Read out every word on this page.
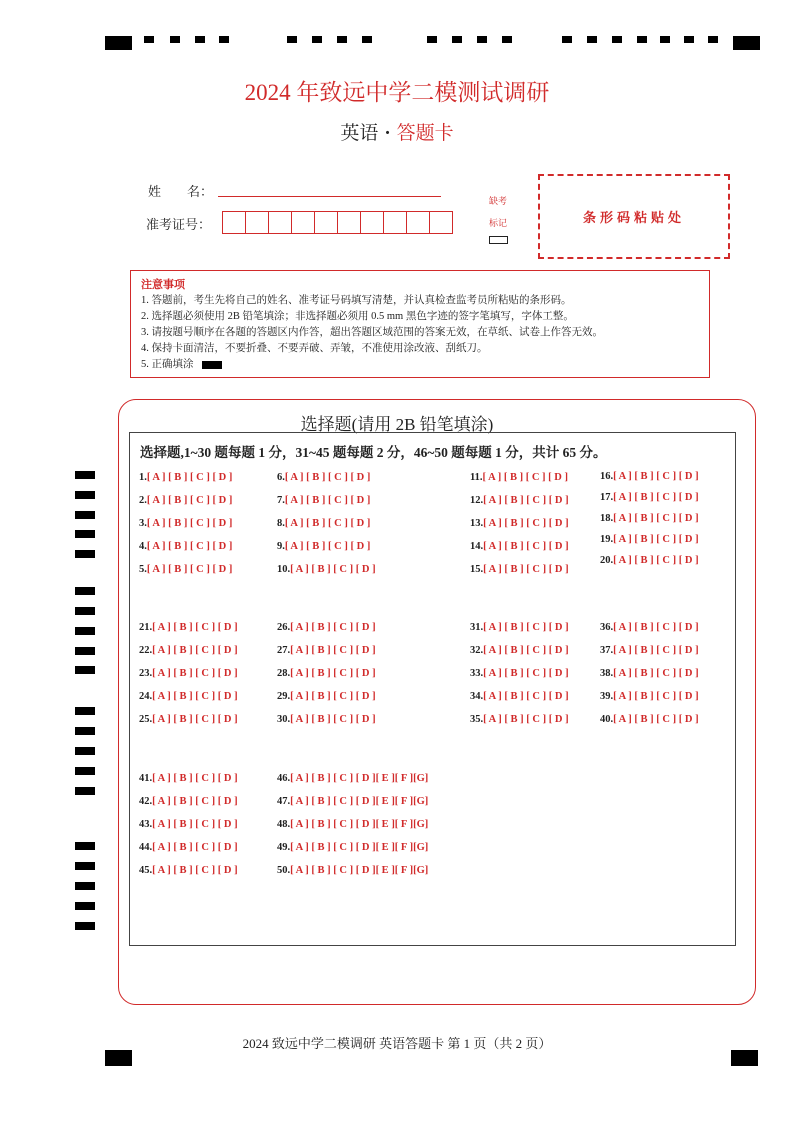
2024 年致远中学二模测试调研
英语 · 答题卡
姓　　名：
准考证号：
缺考
标记	条形码粘贴处
注意事项
1. 答题前，考生先将自己的姓名、准考证号码填写清楚，并认真检查监考员所粘贴的条形码。
2. 选择题必须使用 2B 铅笔填涂；非选择题必须用 0.5 mm 黑色字迹的签字笔填写，字体工整。
3. 请按题号顺序在各题的答题区内作答，超出答题区域范围的答案无效，在草纸、试卷上作答无效。
4. 保持卡面清洁，不要折叠、不要弄破、弄皱，不准使用涂改液、刮纸刀。
5. 正确填涂
选择题(请用 2B 铅笔填涂)
选择题,1~30 题每题 1 分，31~45 题每题 2 分，46~50 题每题 1 分，共计 65 分。
1.[ A ] [ B ] [ C ] [ D ]
2.[ A ] [ B ] [ C ] [ D ]
3.[ A ] [ B ] [ C ] [ D ]
4.[ A ] [ B ] [ C ] [ D ]
5.[ A ] [ B ] [ C ] [ D ]
6.[ A ] [ B ] [ C ] [ D ]
7.[ A ] [ B ] [ C ] [ D ]
8.[ A ] [ B ] [ C ] [ D ]
9.[ A ] [ B ] [ C ] [ D ]
10.[ A ] [ B ] [ C ] [ D ]
11.[ A ] [ B ] [ C ] [ D ]
12.[ A ] [ B ] [ C ] [ D ]
13.[ A ] [ B ] [ C ] [ D ]
14.[ A ] [ B ] [ C ] [ D ]
15.[ A ] [ B ] [ C ] [ D ]
16.[ A ] [ B ] [ C ] [ D ]
17.[ A ] [ B ] [ C ] [ D ]
18.[ A ] [ B ] [ C ] [ D ]
19.[ A ] [ B ] [ C ] [ D ]
20.[ A ] [ B ] [ C ] [ D ]
21.[ A ] [ B ] [ C ] [ D ]
22.[ A ] [ B ] [ C ] [ D ]
23.[ A ] [ B ] [ C ] [ D ]
24.[ A ] [ B ] [ C ] [ D ]
25.[ A ] [ B ] [ C ] [ D ]
26.[ A ] [ B ] [ C ] [ D ]
27.[ A ] [ B ] [ C ] [ D ]
28.[ A ] [ B ] [ C ] [ D ]
29.[ A ] [ B ] [ C ] [ D ]
30.[ A ] [ B ] [ C ] [ D ]
31.[ A ] [ B ] [ C ] [ D ]
32.[ A ] [ B ] [ C ] [ D ]
33.[ A ] [ B ] [ C ] [ D ]
34.[ A ] [ B ] [ C ] [ D ]
35.[ A ] [ B ] [ C ] [ D ]
36.[ A ] [ B ] [ C ] [ D ]
37.[ A ] [ B ] [ C ] [ D ]
38.[ A ] [ B ] [ C ] [ D ]
39.[ A ] [ B ] [ C ] [ D ]
40.[ A ] [ B ] [ C ] [ D ]
41.[ A ] [ B ] [ C ] [ D ]
42.[ A ] [ B ] [ C ] [ D ]
43.[ A ] [ B ] [ C ] [ D ]
44.[ A ] [ B ] [ C ] [ D ]
45.[ A ] [ B ] [ C ] [ D ]
46.[ A ] [ B ] [ C ] [ D ][ E ][ F ][G]
47.[ A ] [ B ] [ C ] [ D ][ E ][ F ][G]
48.[ A ] [ B ] [ C ] [ D ][ E ][ F ][G]
49.[ A ] [ B ] [ C ] [ D ][ E ][ F ][G]
50.[ A ] [ B ] [ C ] [ D ][ E ][ F ][G]
2024 致远中学二模调研 英语答题卡 第 1 页（共 2 页）
